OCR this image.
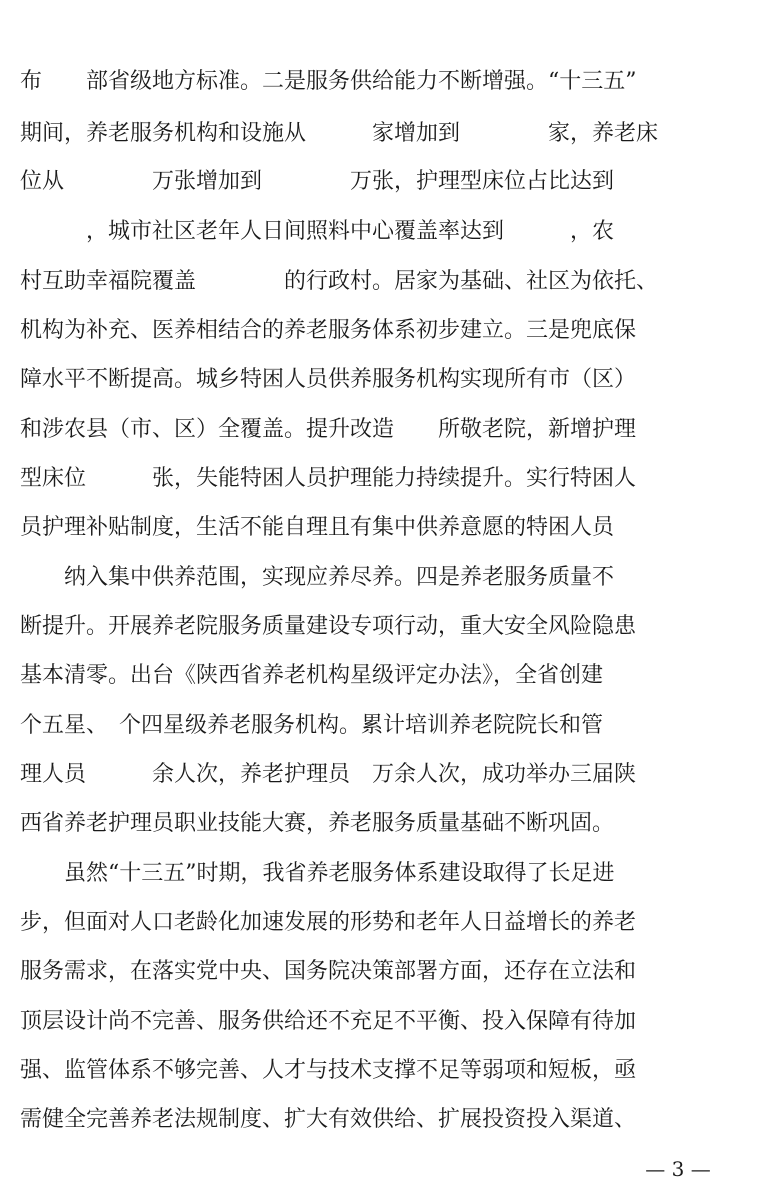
布　　部省级地方标准。二是服务供给能力不断增强。“十三五”
期间，养老服务机构和设施从　　　家增加到　　　　家，养老床
位从　　　　万张增加到　　　　万张，护理型床位占比达到
　　　，城市社区老年人日间照料中心覆盖率达到　　　，农
村互助幸福院覆盖　　　　的行政村。居家为基础、社区为依托、
机构为补充、医养相结合的养老服务体系初步建立。三是兜底保
障水平不断提高。城乡特困人员供养服务机构实现所有市（区）
和涉农县（市、区）全覆盖。提升改造　　所敬老院，新增护理
型床位　　　张，失能特困人员护理能力持续提升。实行特困人
员护理补贴制度，生活不能自理且有集中供养意愿的特困人员
　　纳入集中供养范围，实现应养尽养。四是养老服务质量不
断提升。开展养老院服务质量建设专项行动，重大安全风险隐患
基本清零。出台《陕西省养老机构星级评定办法》，全省创建
个五星、　个四星级养老服务机构。累计培训养老院院长和管
理人员　　　余人次，养老护理员　万余人次，成功举办三届陕
西省养老护理员职业技能大赛，养老服务质量基础不断巩固。
　　虽然“十三五”时期，我省养老服务体系建设取得了长足进
步，但面对人口老龄化加速发展的形势和老年人日益增长的养老
服务需求，在落实党中央、国务院决策部署方面，还存在立法和
顶层设计尚不完善、服务供给还不充足不平衡、投入保障有待加
强、监管体系不够完善、人才与技术支撑不足等弱项和短板，亟
需健全完善养老法规制度、扩大有效供给、扩展投资投入渠道、
— 3 —
